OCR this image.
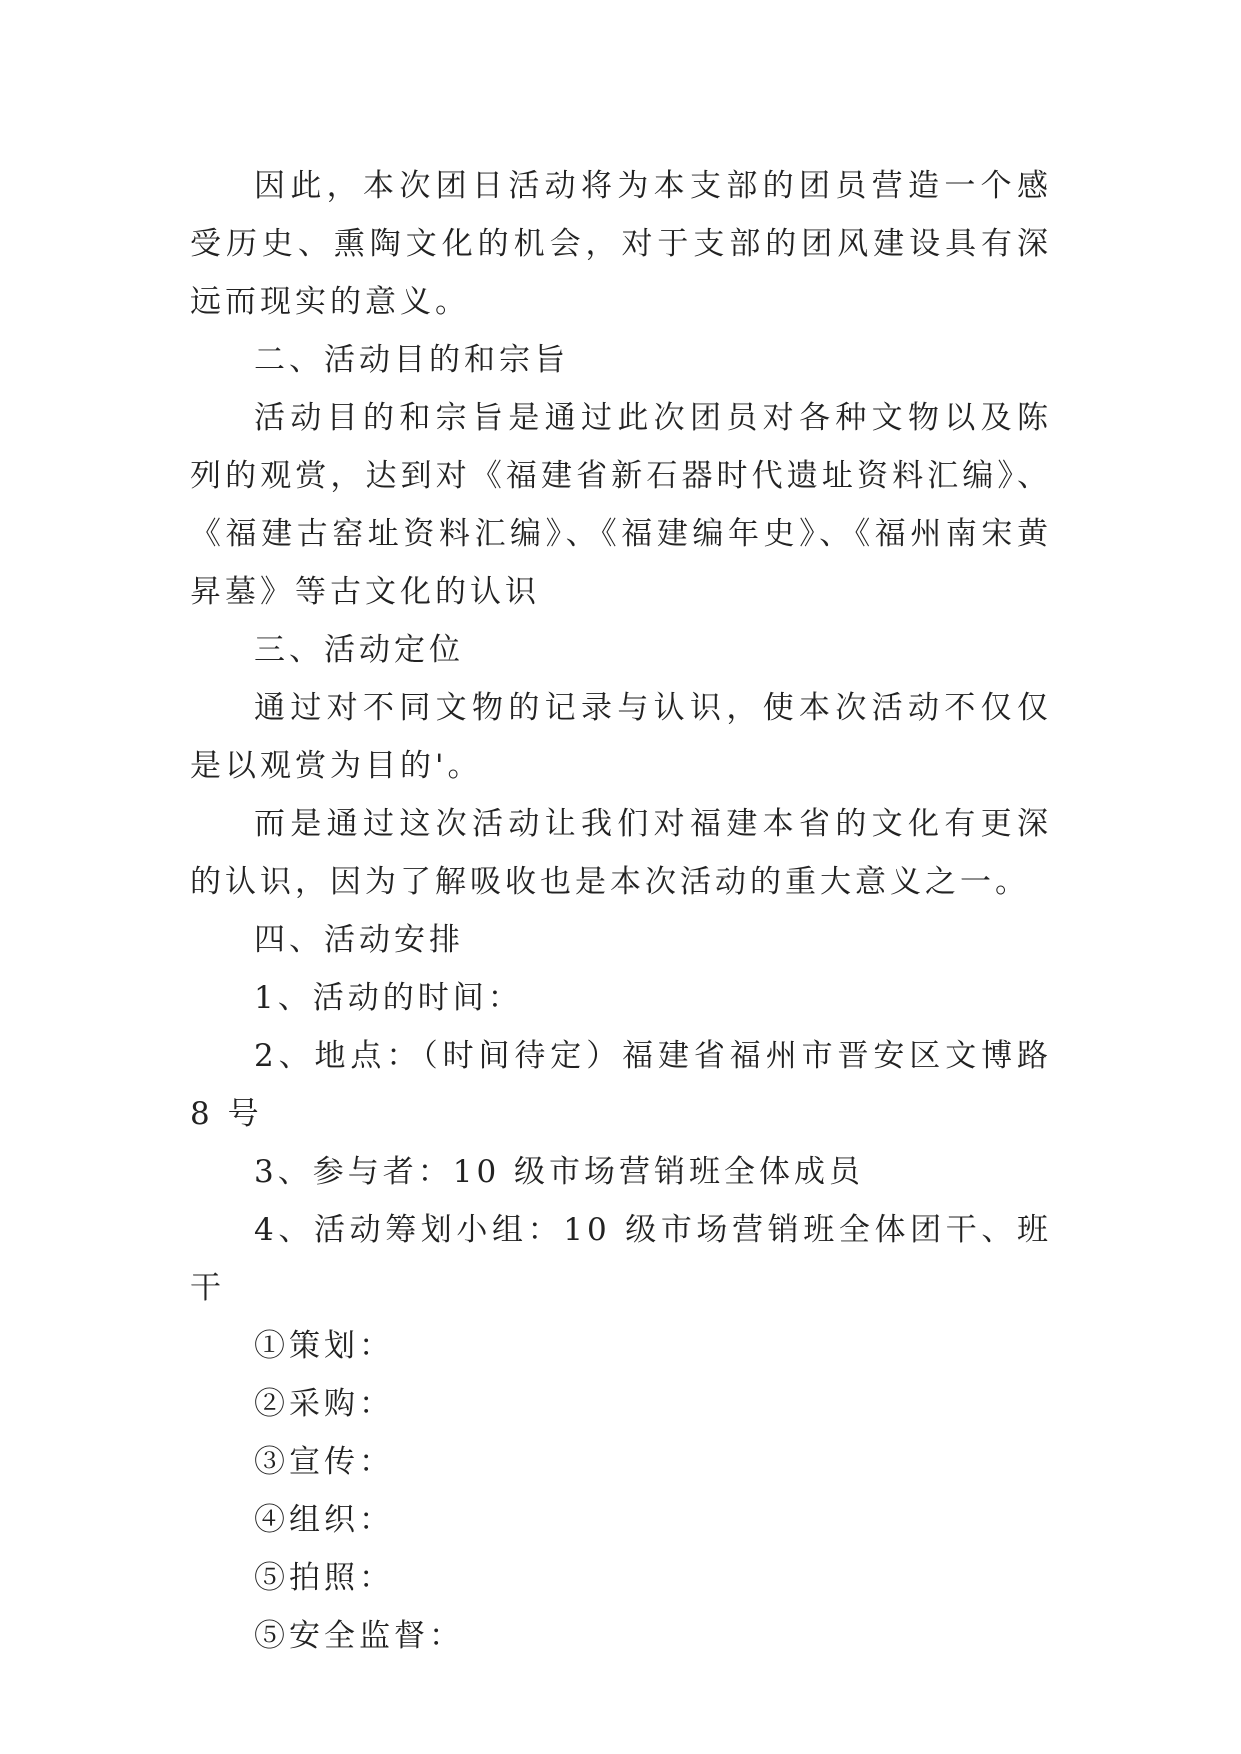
因此，本次团日活动将为本支部的团员营造一个感受历史、熏陶文化的机会，对于支部的团风建设具有深远而现实的意义。

二、活动目的和宗旨

活动目的和宗旨是通过此次团员对各种文物以及陈列的观赏，达到对《福建省新石器时代遗址资料汇编》、《福建古窑址资料汇编》、《福建编年史》、《福州南宋黄昇墓》等古文化的认识

三、活动定位

通过对不同文物的记录与认识，使本次活动不仅仅是以观赏为目的'。

而是通过这次活动让我们对福建本省的文化有更深的认识，因为了解吸收也是本次活动的重大意义之一。

四、活动安排

1、活动的时间：

2、地点：（时间待定）福建省福州市晋安区文博路 8 号

3、参与者：10 级市场营销班全体成员

4、活动筹划小组：10 级市场营销班全体团干、班干

①策划：

②采购：

③宣传：

④组织：

⑤拍照：

⑤安全监督：
